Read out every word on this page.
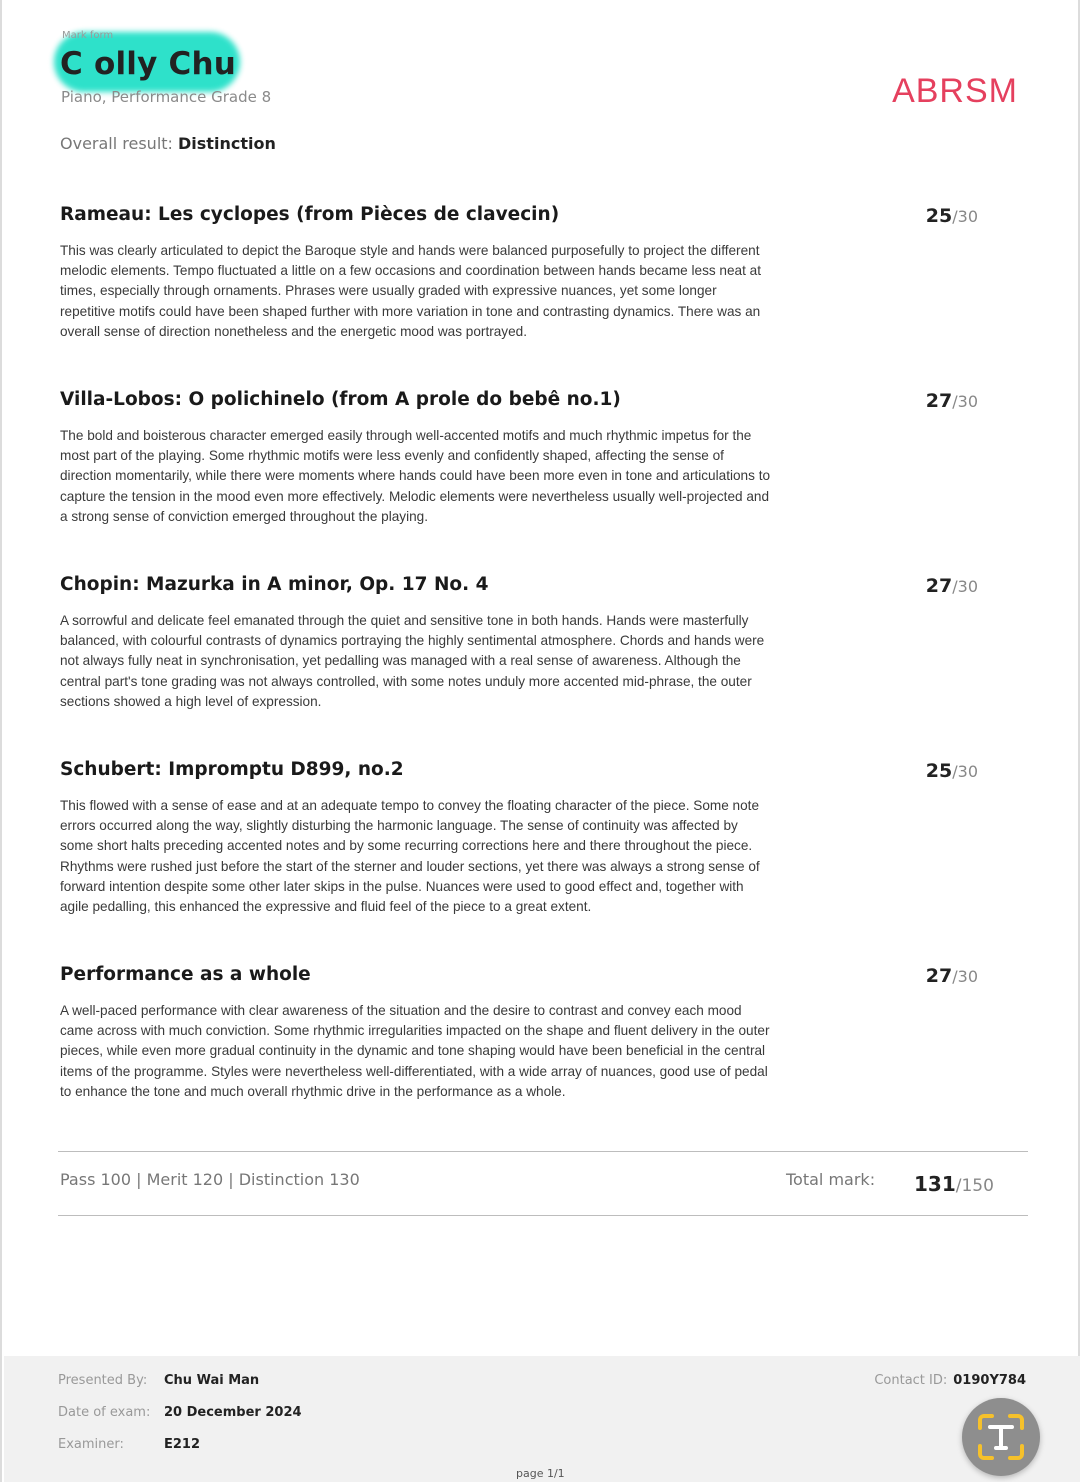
Mark form
C olly Chu
Piano, Performance Grade 8	ABRSM
Overall result: Distinction
Rameau: Les cyclopes (from Pièces de clavecin)	25/30
This was clearly articulated to depict the Baroque style and hands were balanced purposefully to project the different melodic elements. Tempo fluctuated a little on a few occasions and coordination between hands became less neat at times, especially through ornaments. Phrases were usually graded with expressive nuances, yet some longer repetitive motifs could have been shaped further with more variation in tone and contrasting dynamics. There was an overall sense of direction nonetheless and the energetic mood was portrayed.
Villa-Lobos: O polichinelo (from A prole do bebê no.1)	27/30
The bold and boisterous character emerged easily through well-accented motifs and much rhythmic impetus for the most part of the playing. Some rhythmic motifs were less evenly and confidently shaped, affecting the sense of direction momentarily, while there were moments where hands could have been more even in tone and articulations to capture the tension in the mood even more effectively. Melodic elements were nevertheless usually well-projected and a strong sense of conviction emerged throughout the playing.
Chopin: Mazurka in A minor, Op. 17 No. 4	27/30
A sorrowful and delicate feel emanated through the quiet and sensitive tone in both hands. Hands were masterfully balanced, with colourful contrasts of dynamics portraying the highly sentimental atmosphere. Chords and hands were not always fully neat in synchronisation, yet pedalling was managed with a real sense of awareness. Although the central part's tone grading was not always controlled, with some notes unduly more accented mid-phrase, the outer sections showed a high level of expression.
Schubert: Impromptu D899, no.2	25/30
This flowed with a sense of ease and at an adequate tempo to convey the floating character of the piece. Some note errors occurred along the way, slightly disturbing the harmonic language. The sense of continuity was affected by some short halts preceding accented notes and by some recurring corrections here and there throughout the piece. Rhythms were rushed just before the start of the sterner and louder sections, yet there was always a strong sense of forward intention despite some other later skips in the pulse. Nuances were used to good effect and, together with agile pedalling, this enhanced the expressive and fluid feel of the piece to a great extent.
Performance as a whole	27/30
A well-paced performance with clear awareness of the situation and the desire to contrast and convey each mood came across with much conviction. Some rhythmic irregularities impacted on the shape and fluent delivery in the outer pieces, while even more gradual continuity in the dynamic and tone shaping would have been beneficial in the central items of the programme. Styles were nevertheless well-differentiated, with a wide array of nuances, good use of pedal to enhance the tone and much overall rhythmic drive in the performance as a whole.
Pass 100 | Merit 120 | Distinction 130	Total mark: 131/150
Presented By: Chu Wai Man
Date of exam: 20 December 2024
Examiner:	E212
Contact ID: 0190Y784
page 1/1
